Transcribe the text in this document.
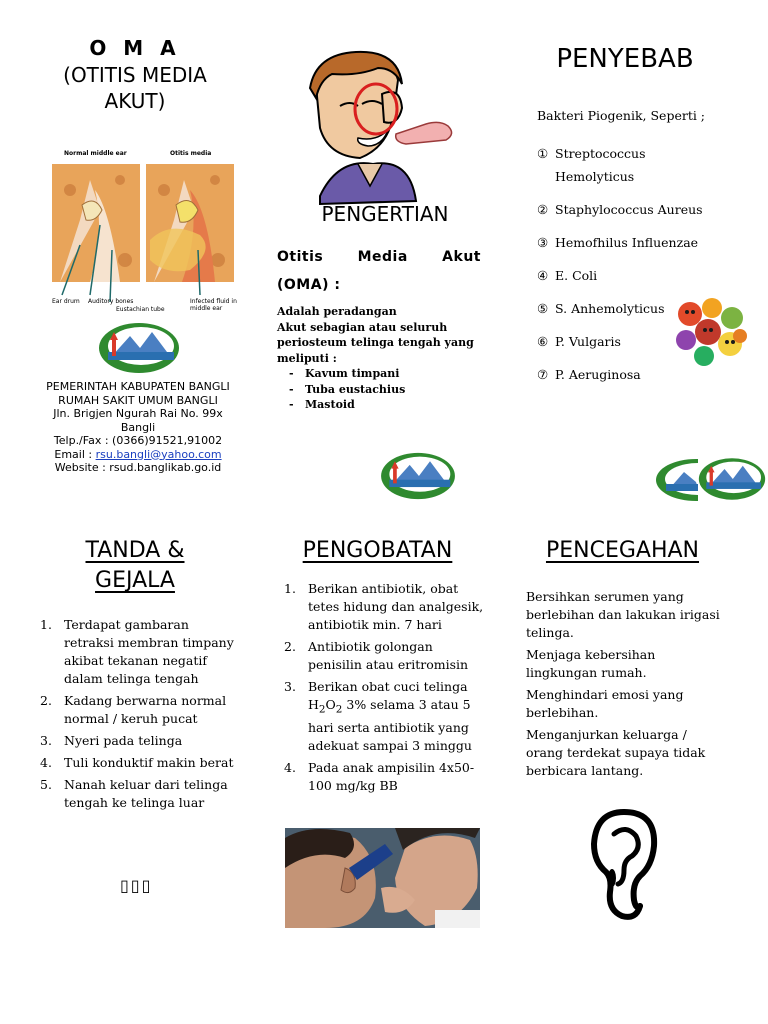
O M A
(OTITIS MEDIA
AKUT)
Normal middle ear	Otitis media
Ear drum Auditory bones
Eustachian tube
Infected fluid in middle ear
PEMERINTAH KABUPATEN BANGLI
RUMAH SAKIT UMUM BANGLI
Jln. Brigjen Ngurah Rai No. 99x
Bangli
Telp./Fax : (0366)91521,91002
Email : rsu.bangli@yahoo.com
Website : rsud.banglikab.go.id
PENGERTIAN
Otitis Media Akut
(OMA) :
Adalah peradangan
Akut sebagian atau seluruh periosteum telinga tengah yang meliputi :
- Kavum timpani
- Tuba eustachius
- Mastoid
PENYEBAB
Bakteri Piogenik, Seperti ;
① Streptococcus Hemolyticus
② Staphylococcus Aureus
③ Hemofhilus Influenzae
④ E. Coli
⑤ S. Anhemolyticus
⑥ P. Vulgaris
⑦ P. Aeruginosa
TANDA &
GEJALA
1. Terdapat gambaran retraksi membran timpany akibat tekanan negatif dalam telinga tengah
2. Kadang berwarna normal normal / keruh pucat
3. Nyeri pada telinga
4. Tuli konduktif makin berat
5. Nanah keluar dari telinga tengah ke telinga luar
▯▯▯
PENGOBATAN
1. Berikan antibiotik, obat tetes hidung dan analgesik, antibiotik min. 7 hari
2. Antibiotik golongan penisilin atau eritromisin
3. Berikan obat cuci telinga $H_2O_2$ 3% selama 3 atau 5 hari serta antibiotik yang adekuat sampai 3 minggu
4. Pada anak ampisilin 4x50-100 mg/kg BB
PENCEGAHAN

Bersihkan serumen yang berlebihan dan lakukan irigasi telinga.

Menjaga kebersihan lingkungan rumah.

Menghindari emosi yang berlebihan.

Menganjurkan keluarga / orang terdekat supaya tidak berbicara lantang.
